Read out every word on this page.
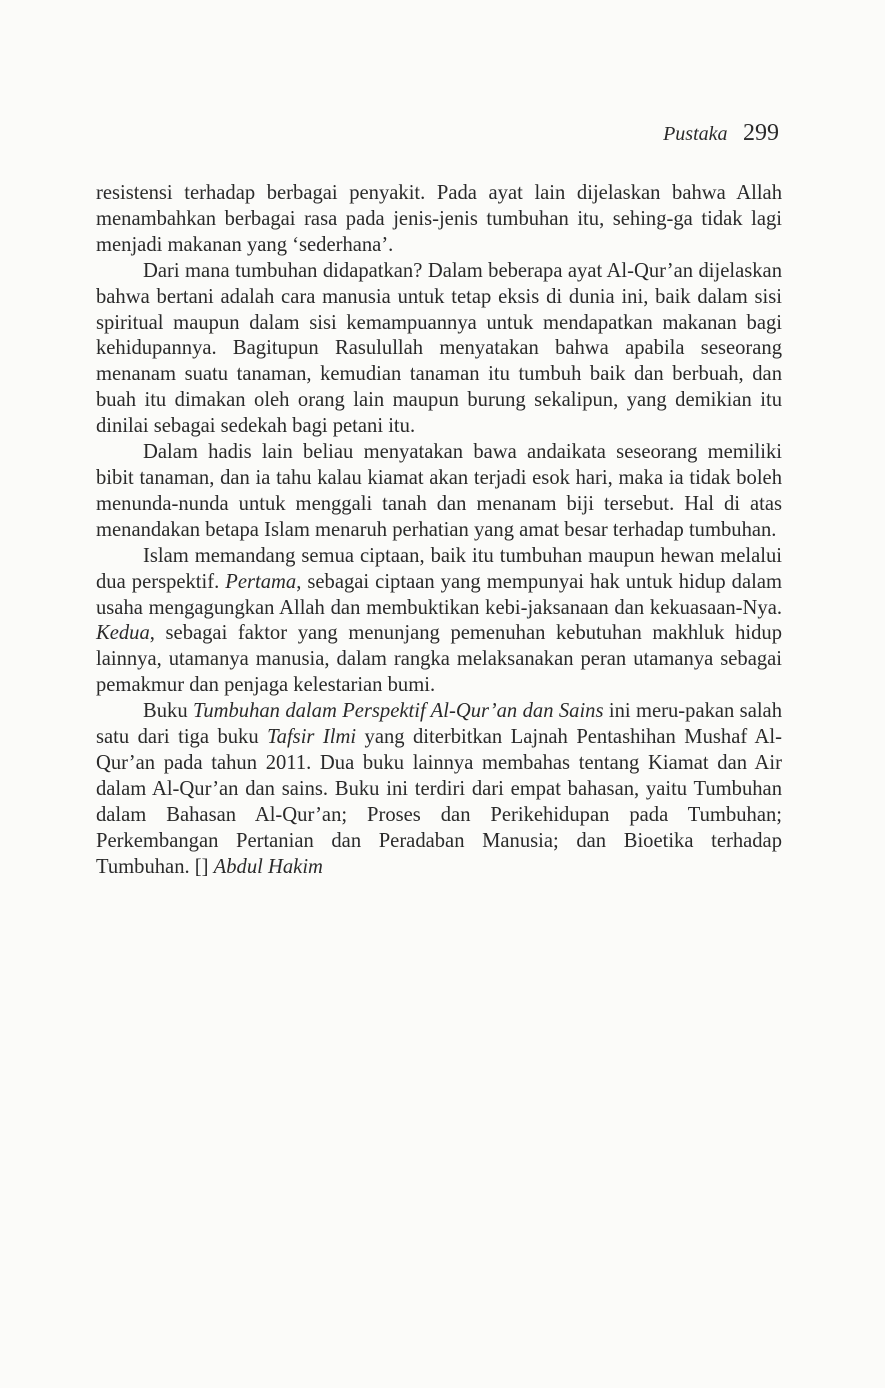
Pustaka 299

resistensi terhadap berbagai penyakit. Pada ayat lain dijelaskan bahwa Allah menambahkan berbagai rasa pada jenis-jenis tumbuhan itu, sehing-ga tidak lagi menjadi makanan yang ‘sederhana’.

Dari mana tumbuhan didapatkan? Dalam beberapa ayat Al-Qur’an dijelaskan bahwa bertani adalah cara manusia untuk tetap eksis di dunia ini, baik dalam sisi spiritual maupun dalam sisi kemampuannya untuk mendapatkan makanan bagi kehidupannya. Bagitupun Rasulullah menyatakan bahwa apabila seseorang menanam suatu tanaman, kemudian tanaman itu tumbuh baik dan berbuah, dan buah itu dimakan oleh orang lain maupun burung sekalipun, yang demikian itu dinilai sebagai sedekah bagi petani itu.

Dalam hadis lain beliau menyatakan bawa andaikata seseorang memiliki bibit tanaman, dan ia tahu kalau kiamat akan terjadi esok hari, maka ia tidak boleh menunda-nunda untuk menggali tanah dan menanam biji tersebut. Hal di atas menandakan betapa Islam menaruh perhatian yang amat besar terhadap tumbuhan.

Islam memandang semua ciptaan, baik itu tumbuhan maupun hewan melalui dua perspektif. Pertama, sebagai ciptaan yang mempunyai hak untuk hidup dalam usaha mengagungkan Allah dan membuktikan kebi-jaksanaan dan kekuasaan-Nya. Kedua, sebagai faktor yang menunjang pemenuhan kebutuhan makhluk hidup lainnya, utamanya manusia, dalam rangka melaksanakan peran utamanya sebagai pemakmur dan penjaga kelestarian bumi.

Buku Tumbuhan dalam Perspektif Al-Qur’an dan Sains ini meru-pakan salah satu dari tiga buku Tafsir Ilmi yang diterbitkan Lajnah Pentashihan Mushaf Al-Qur’an pada tahun 2011. Dua buku lainnya membahas tentang Kiamat dan Air dalam Al-Qur’an dan sains. Buku ini terdiri dari empat bahasan, yaitu Tumbuhan dalam Bahasan Al-Qur’an; Proses dan Perikehidupan pada Tumbuhan; Perkembangan Pertanian dan Peradaban Manusia; dan Bioetika terhadap Tumbuhan. [] Abdul Hakim
